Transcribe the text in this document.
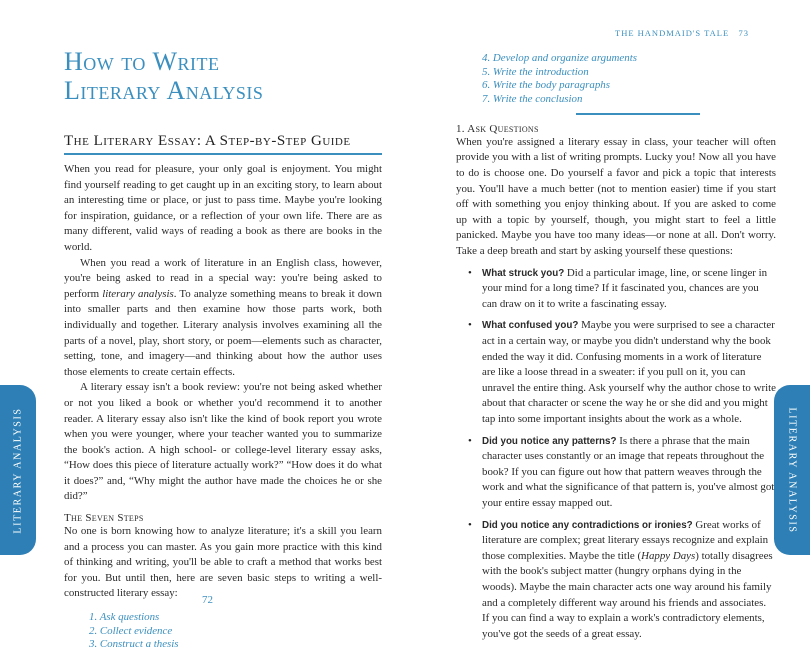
THE HANDMAID'S TALE 73
LITERARY ANALYSIS	LITERARY ANALYSIS
How to Write
Literary Analysis
The Literary Essay: A Step-by-Step Guide

When you read for pleasure, your only goal is enjoyment. You might find yourself reading to get caught up in an exciting story, to learn about an interesting time or place, or just to pass time. Maybe you're looking for inspiration, guidance, or a reflection of your own life. There are as many different, valid ways of reading a book as there are books in the world.

When you read a work of literature in an English class, however, you're being asked to read in a special way: you're being asked to perform literary analysis. To analyze something means to break it down into smaller parts and then examine how those parts work, both individually and together. Literary analysis involves examining all the parts of a novel, play, short story, or poem—elements such as character, setting, tone, and imagery—and thinking about how the author uses those elements to create certain effects.

A literary essay isn't a book review: you're not being asked whether or not you liked a book or whether you'd recommend it to another reader. A literary essay also isn't like the kind of book report you wrote when you were younger, where your teacher wanted you to summarize the book's action. A high school- or college-level literary essay asks, “How does this piece of literature actually work?” “How does it do what it does?” and, “Why might the author have made the choices he or she did?”

The Seven Steps

No one is born knowing how to analyze literature; it's a skill you learn and a process you can master. As you gain more practice with this kind of thinking and writing, you'll be able to craft a method that works best for you. But until then, here are seven basic steps to writing a well-constructed literary essay:

1. Ask questions
2. Collect evidence
3. Construct a thesis
72
4. Develop and organize arguments
5. Write the introduction
6. Write the body paragraphs
7. Write the conclusion

1. Ask Questions

When you're assigned a literary essay in class, your teacher will often provide you with a list of writing prompts. Lucky you! Now all you have to do is choose one. Do yourself a favor and pick a topic that interests you. You'll have a much better (not to mention easier) time if you start off with something you enjoy thinking about. If you are asked to come up with a topic by yourself, though, you might start to feel a little panicked. Maybe you have too many ideas—or none at all. Don't worry. Take a deep breath and start by asking yourself these questions:

• What struck you? Did a particular image, line, or scene linger in your mind for a long time? If it fascinated you, chances are you can draw on it to write a fascinating essay.
• What confused you? Maybe you were surprised to see a character act in a certain way, or maybe you didn't understand why the book ended the way it did. Confusing moments in a work of literature are like a loose thread in a sweater: if you pull on it, you can unravel the entire thing. Ask yourself why the author chose to write about that character or scene the way he or she did and you might tap into some important insights about the work as a whole.
• Did you notice any patterns? Is there a phrase that the main character uses constantly or an image that repeats throughout the book? If you can figure out how that pattern weaves through the work and what the significance of that pattern is, you've almost got your entire essay mapped out.
• Did you notice any contradictions or ironies? Great works of literature are complex; great literary essays recognize and explain those complexities. Maybe the title (Happy Days) totally disagrees with the book's subject matter (hungry orphans dying in the woods). Maybe the main character acts one way around his family and a completely different way around his friends and associates. If you can find a way to explain a work's contradictory elements, you've got the seeds of a great essay.
